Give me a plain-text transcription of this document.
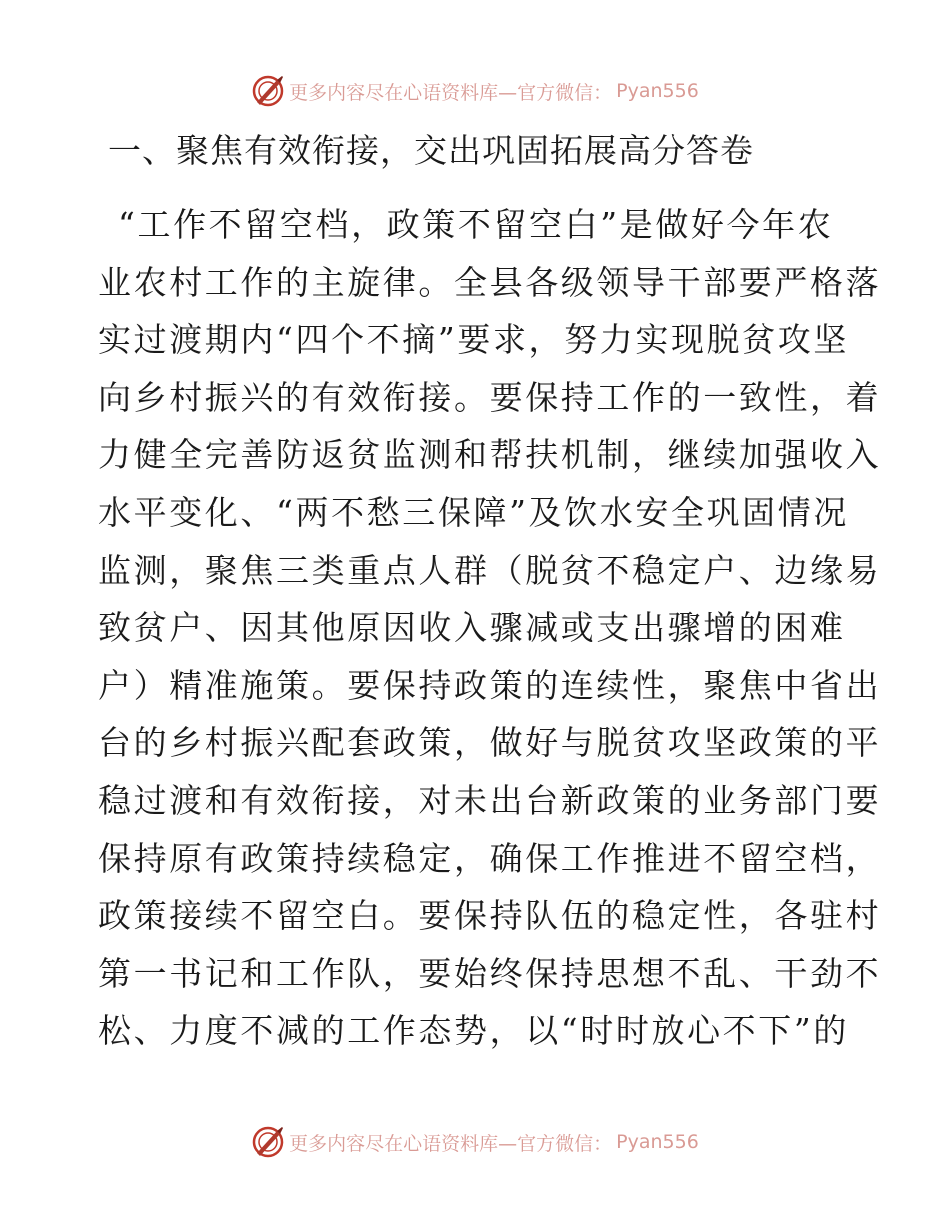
更多内容尽在心语资料库—官方微信： Pyan556
一、聚焦有效衔接，交出巩固拓展高分答卷
“工作不留空档，政策不留空白”是做好今年农
业农村工作的主旋律。全县各级领导干部要严格落
实过渡期内“四个不摘”要求，努力实现脱贫攻坚
向乡村振兴的有效衔接。要保持工作的一致性，着
力健全完善防返贫监测和帮扶机制，继续加强收入
水平变化、“两不愁三保障”及饮水安全巩固情况
监测，聚焦三类重点人群（脱贫不稳定户、边缘易
致贫户、因其他原因收入骤减或支出骤增的困难
户）精准施策。要保持政策的连续性，聚焦中省出
台的乡村振兴配套政策，做好与脱贫攻坚政策的平
稳过渡和有效衔接，对未出台新政策的业务部门要
保持原有政策持续稳定，确保工作推进不留空档，
政策接续不留空白。要保持队伍的稳定性，各驻村
第一书记和工作队，要始终保持思想不乱、干劲不
松、力度不减的工作态势，以“时时放心不下”的
更多内容尽在心语资料库—官方微信： Pyan556
